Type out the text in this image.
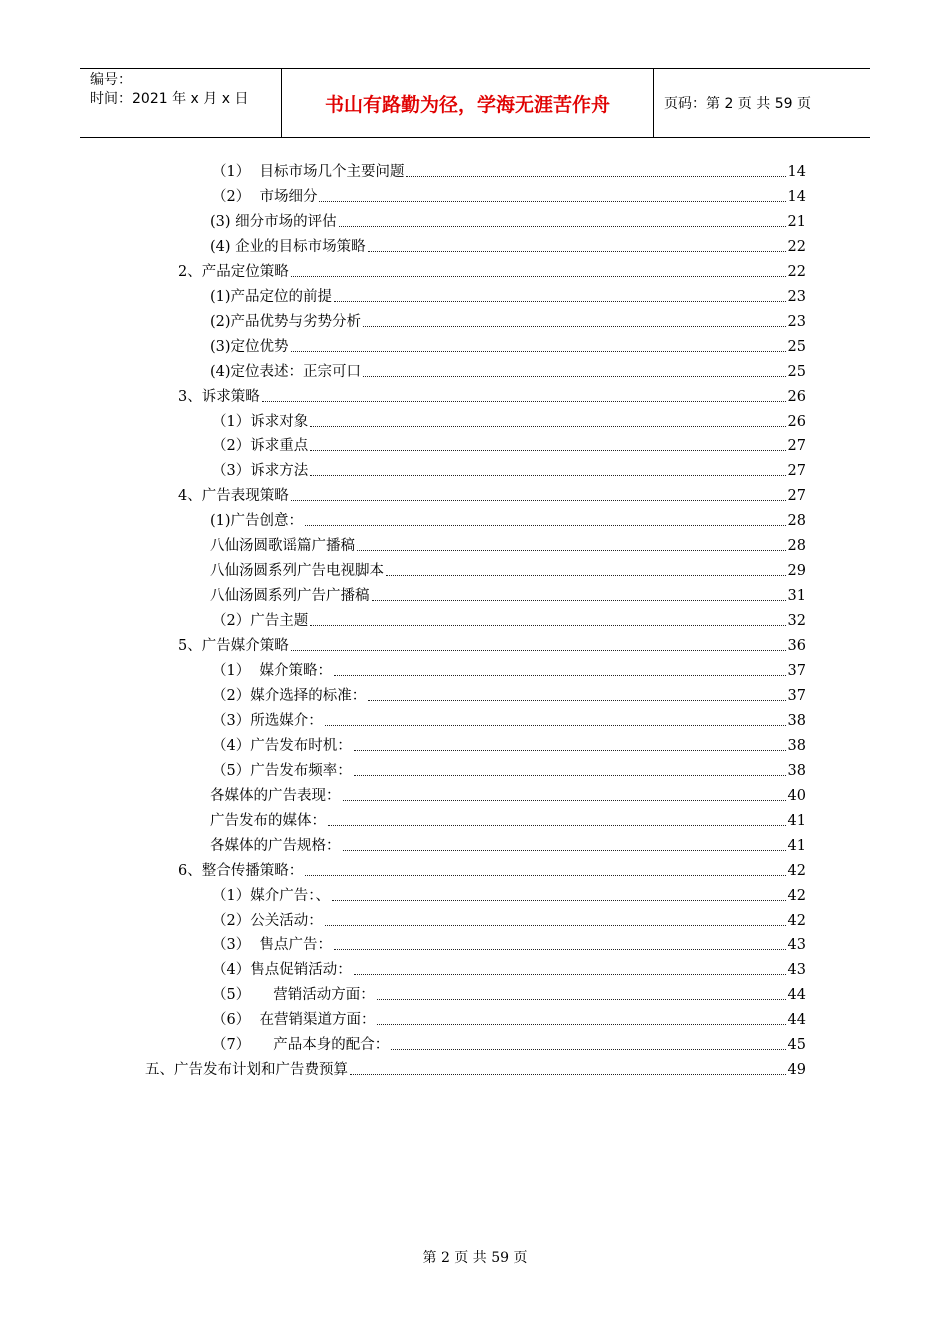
编号：
时间：2021 年 x 月 x 日	书山有路勤为径，学海无涯苦作舟	页码：第 2 页 共 59 页
（1）  目标市场几个主要问题	14
（2）  市场细分	14
(3) 细分市场的评估	21
(4) 企业的目标市场策略	22
2、产品定位策略	22
(1)产品定位的前提	23
(2)产品优势与劣势分析	23
(3)定位优势	25
(4)定位表述：正宗可口	25
3、诉求策略	26
（1）诉求对象	26
（2）诉求重点	27
（3）诉求方法	27
4、广告表现策略	27
(1)广告创意：	28
八仙汤圆歌谣篇广播稿	28
八仙汤圆系列广告电视脚本	29
八仙汤圆系列广告广播稿	31
（2）广告主题	32
5、广告媒介策略	36
（1）  媒介策略：	37
（2）媒介选择的标准：	37
（3）所选媒介：	38
（4）广告发布时机：	38
（5）广告发布频率：	38
各媒体的广告表现：	40
广告发布的媒体：	41
各媒体的广告规格：	41
6、整合传播策略：	42
（1）媒介广告：、	42
（2）公关活动：	42
（3）  售点广告：	43
（4）售点促销活动：	43
（5）     营销活动方面：	44
（6）  在营销渠道方面：	44
（7）     产品本身的配合：	45
五、广告发布计划和广告费预算	49
第 2 页 共 59 页
